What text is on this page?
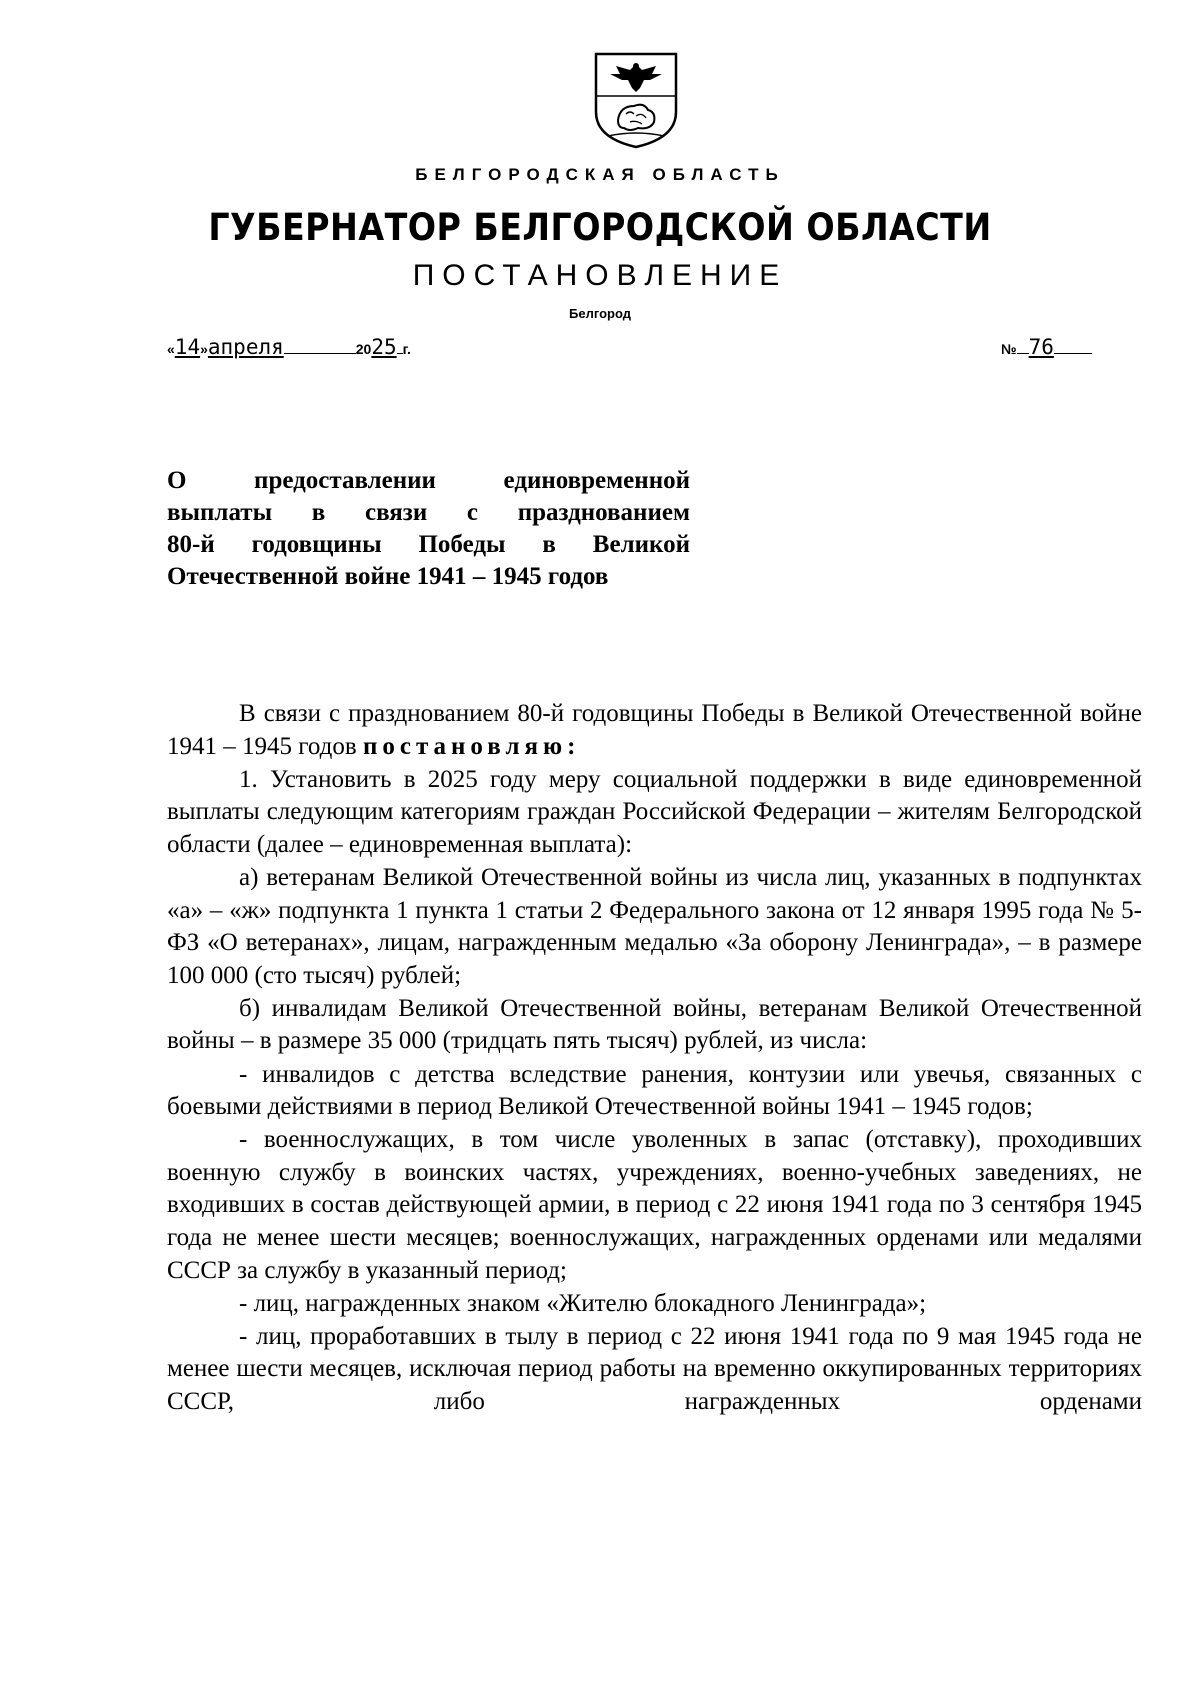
БЕЛГОРОДСКАЯ ОБЛАСТЬ
ГУБЕРНАТОР БЕЛГОРОДСКОЙ ОБЛАСТИ
ПОСТАНОВЛЕНИЕ
Белгород
«14»апреля	2025 г.	№ 76
О предоставлении единовременной
выплаты в связи с празднованием
80-й годовщины Победы в Великой
Отечественной войне 1941 – 1945 годов

В связи с празднованием 80-й годовщины Победы в Великой Отечественной войне 1941 – 1945 годов постановляю:

1. Установить в 2025 году меру социальной поддержки в виде единовременной выплаты следующим категориям граждан Российской Федерации – жителям Белгородской области (далее – единовременная выплата):

а) ветеранам Великой Отечественной войны из числа лиц, указанных в подпунктах «а» – «ж» подпункта 1 пункта 1 статьи 2 Федерального закона от 12 января 1995 года № 5-ФЗ «О ветеранах», лицам, награжденным медалью «За оборону Ленинграда», – в размере 100 000 (сто тысяч) рублей;

б) инвалидам Великой Отечественной войны, ветеранам Великой Отечественной войны – в размере 35 000 (тридцать пять тысяч) рублей, из числа:

- инвалидов с детства вследствие ранения, контузии или увечья, связанных с боевыми действиями в период Великой Отечественной войны 1941 – 1945 годов;

- военнослужащих, в том числе уволенных в запас (отставку), проходивших военную службу в воинских частях, учреждениях, военно-учебных заведениях, не входивших в состав действующей армии, в период с 22 июня 1941 года по 3 сентября 1945 года не менее шести месяцев; военнослужащих, награжденных орденами или медалями СССР за службу в указанный период;

- лиц, награжденных знаком «Жителю блокадного Ленинграда»;

- лиц, проработавших в тылу в период с 22 июня 1941 года по 9 мая 1945 года не менее шести месяцев, исключая период работы на временно оккупированных территориях СССР, либо награжденных орденами
